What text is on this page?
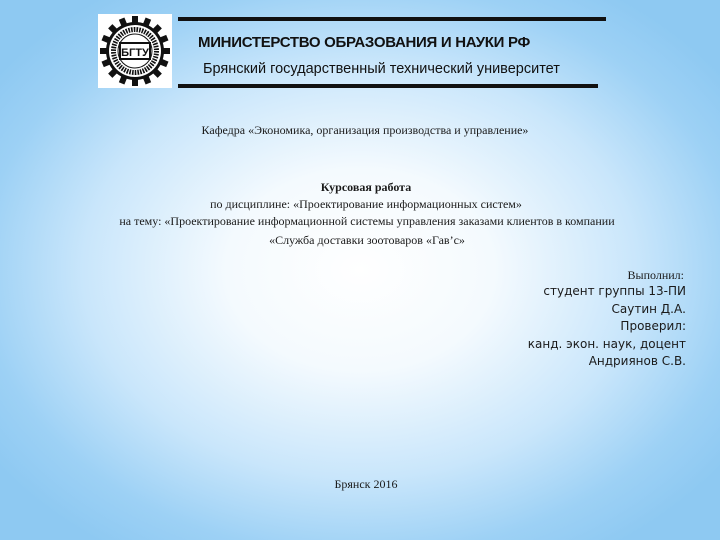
БГТУ
МИНИСТЕРСТВО ОБРАЗОВАНИЯ И НАУКИ РФ
Брянский государственный технический университет
Кафедра «Экономика, организация производства и управление»
Курсовая работа
по дисциплине: «Проектирование информационных систем»
на тему: «Проектирование информационной системы управления заказами клиентов в компании
«Служба доставки зоотоваров «Гав’с»
Выполнил:
студент группы 13-ПИ
Саутин Д.А.
Проверил:
канд. экон. наук, доцент
Андриянов С.В.
Брянск 2016
